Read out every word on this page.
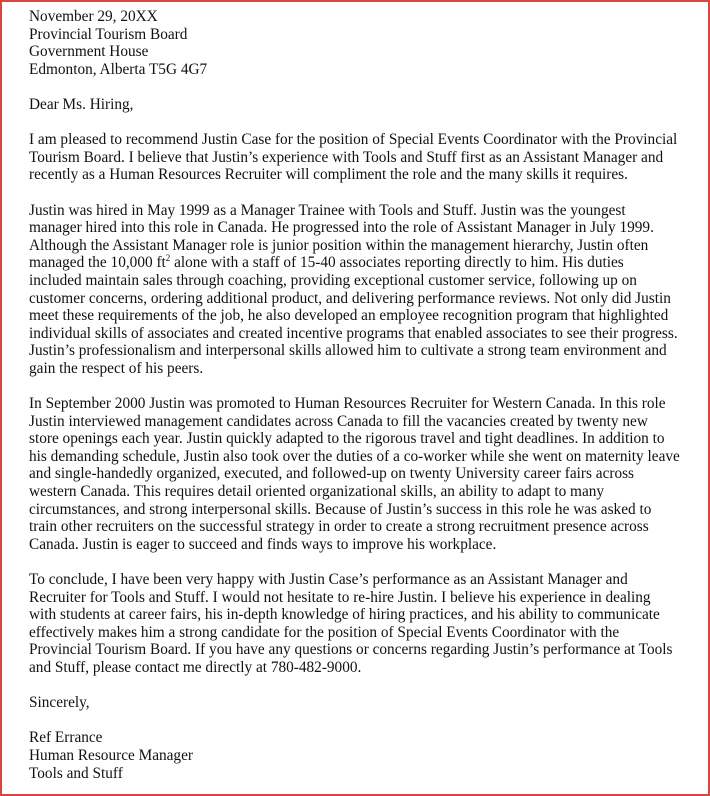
November 29, 20XX
Provincial Tourism Board
Government House
Edmonton, Alberta T5G 4G7
Dear Ms. Hiring,
I am pleased to recommend Justin Case for the position of Special Events Coordinator with the Provincial
Tourism Board. I believe that Justin’s experience with Tools and Stuff first as an Assistant Manager and
recently as a Human Resources Recruiter will compliment the role and the many skills it requires.
Justin was hired in May 1999 as a Manager Trainee with Tools and Stuff. Justin was the youngest
manager hired into this role in Canada. He progressed into the role of Assistant Manager in July 1999.
Although the Assistant Manager role is junior position within the management hierarchy, Justin often
managed the 10,000 $ft^2$ alone with a staff of 15-40 associates reporting directly to him. His duties
included maintain sales through coaching, providing exceptional customer service, following up on
customer concerns, ordering additional product, and delivering performance reviews. Not only did Justin
meet these requirements of the job, he also developed an employee recognition program that highlighted
individual skills of associates and created incentive programs that enabled associates to see their progress.
Justin’s professionalism and interpersonal skills allowed him to cultivate a strong team environment and
gain the respect of his peers.
In September 2000 Justin was promoted to Human Resources Recruiter for Western Canada. In this role
Justin interviewed management candidates across Canada to fill the vacancies created by twenty new
store openings each year. Justin quickly adapted to the rigorous travel and tight deadlines. In addition to
his demanding schedule, Justin also took over the duties of a co-worker while she went on maternity leave
and single-handedly organized, executed, and followed-up on twenty University career fairs across
western Canada. This requires detail oriented organizational skills, an ability to adapt to many
circumstances, and strong interpersonal skills. Because of Justin’s success in this role he was asked to
train other recruiters on the successful strategy in order to create a strong recruitment presence across
Canada. Justin is eager to succeed and finds ways to improve his workplace.
To conclude, I have been very happy with Justin Case’s performance as an Assistant Manager and
Recruiter for Tools and Stuff. I would not hesitate to re-hire Justin. I believe his experience in dealing
with students at career fairs, his in-depth knowledge of hiring practices, and his ability to communicate
effectively makes him a strong candidate for the position of Special Events Coordinator with the
Provincial Tourism Board. If you have any questions or concerns regarding Justin’s performance at Tools
and Stuff, please contact me directly at 780-482-9000.
Sincerely,
Ref Errance
Human Resource Manager
Tools and Stuff
